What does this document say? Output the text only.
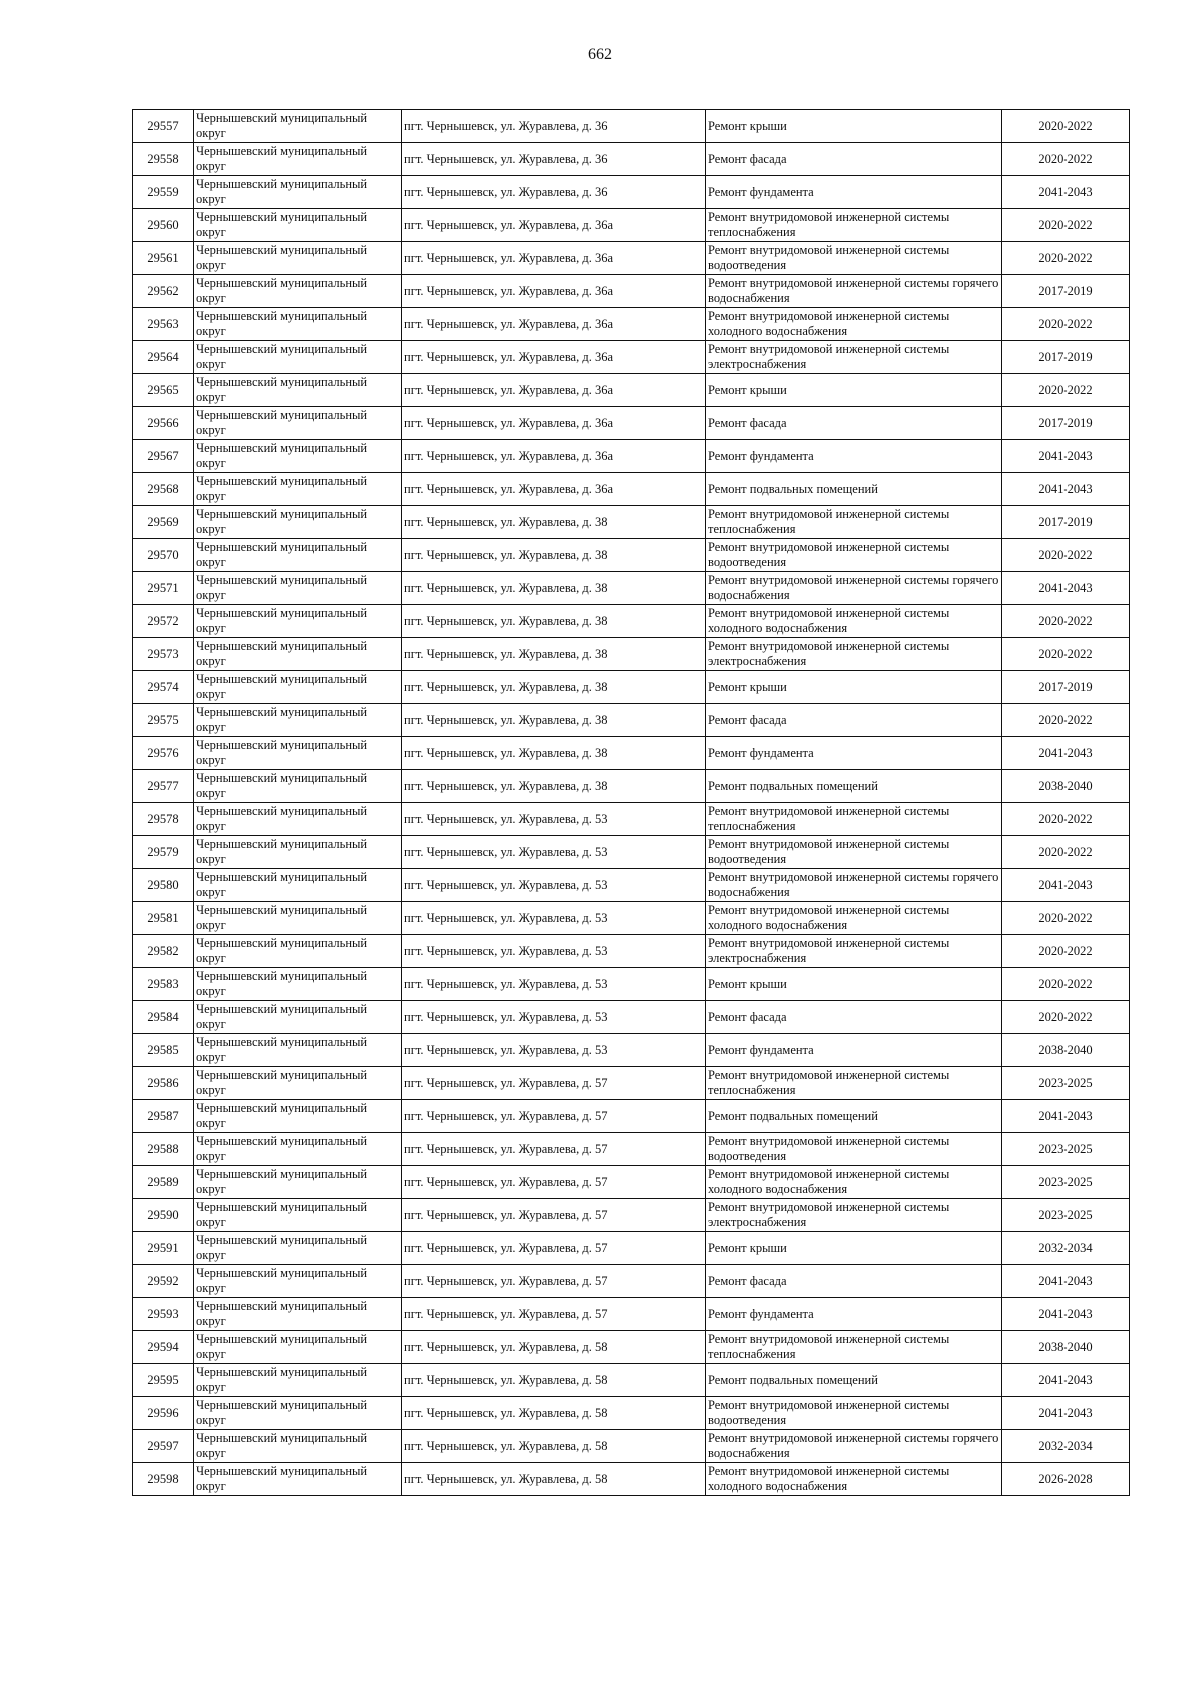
662
29557	Чернышевский муниципальный округ	пгт. Чернышевск, ул. Журавлева, д. 36	Ремонт крыши	2020-2022
29558	Чернышевский муниципальный округ	пгт. Чернышевск, ул. Журавлева, д. 36	Ремонт фасада	2020-2022
29559	Чернышевский муниципальный округ	пгт. Чернышевск, ул. Журавлева, д. 36	Ремонт фундамента	2041-2043
29560	Чернышевский муниципальный округ	пгт. Чернышевск, ул. Журавлева, д. 36а	Ремонт внутридомовой инженерной системы теплоснабжения	2020-2022
29561	Чернышевский муниципальный округ	пгт. Чернышевск, ул. Журавлева, д. 36а	Ремонт внутридомовой инженерной системы водоотведения	2020-2022
29562	Чернышевский муниципальный округ	пгт. Чернышевск, ул. Журавлева, д. 36а	Ремонт внутридомовой инженерной системы горячего водоснабжения	2017-2019
29563	Чернышевский муниципальный округ	пгт. Чернышевск, ул. Журавлева, д. 36а	Ремонт внутридомовой инженерной системы холодного водоснабжения	2020-2022
29564	Чернышевский муниципальный округ	пгт. Чернышевск, ул. Журавлева, д. 36а	Ремонт внутридомовой инженерной системы электроснабжения	2017-2019
29565	Чернышевский муниципальный округ	пгт. Чернышевск, ул. Журавлева, д. 36а	Ремонт крыши	2020-2022
29566	Чернышевский муниципальный округ	пгт. Чернышевск, ул. Журавлева, д. 36а	Ремонт фасада	2017-2019
29567	Чернышевский муниципальный округ	пгт. Чернышевск, ул. Журавлева, д. 36а	Ремонт фундамента	2041-2043
29568	Чернышевский муниципальный округ	пгт. Чернышевск, ул. Журавлева, д. 36а	Ремонт подвальных помещений	2041-2043
29569	Чернышевский муниципальный округ	пгт. Чернышевск, ул. Журавлева, д. 38	Ремонт внутридомовой инженерной системы теплоснабжения	2017-2019
29570	Чернышевский муниципальный округ	пгт. Чернышевск, ул. Журавлева, д. 38	Ремонт внутридомовой инженерной системы водоотведения	2020-2022
29571	Чернышевский муниципальный округ	пгт. Чернышевск, ул. Журавлева, д. 38	Ремонт внутридомовой инженерной системы горячего водоснабжения	2041-2043
29572	Чернышевский муниципальный округ	пгт. Чернышевск, ул. Журавлева, д. 38	Ремонт внутридомовой инженерной системы холодного водоснабжения	2020-2022
29573	Чернышевский муниципальный округ	пгт. Чернышевск, ул. Журавлева, д. 38	Ремонт внутридомовой инженерной системы электроснабжения	2020-2022
29574	Чернышевский муниципальный округ	пгт. Чернышевск, ул. Журавлева, д. 38	Ремонт крыши	2017-2019
29575	Чернышевский муниципальный округ	пгт. Чернышевск, ул. Журавлева, д. 38	Ремонт фасада	2020-2022
29576	Чернышевский муниципальный округ	пгт. Чернышевск, ул. Журавлева, д. 38	Ремонт фундамента	2041-2043
29577	Чернышевский муниципальный округ	пгт. Чернышевск, ул. Журавлева, д. 38	Ремонт подвальных помещений	2038-2040
29578	Чернышевский муниципальный округ	пгт. Чернышевск, ул. Журавлева, д. 53	Ремонт внутридомовой инженерной системы теплоснабжения	2020-2022
29579	Чернышевский муниципальный округ	пгт. Чернышевск, ул. Журавлева, д. 53	Ремонт внутридомовой инженерной системы водоотведения	2020-2022
29580	Чернышевский муниципальный округ	пгт. Чернышевск, ул. Журавлева, д. 53	Ремонт внутридомовой инженерной системы горячего водоснабжения	2041-2043
29581	Чернышевский муниципальный округ	пгт. Чернышевск, ул. Журавлева, д. 53	Ремонт внутридомовой инженерной системы холодного водоснабжения	2020-2022
29582	Чернышевский муниципальный округ	пгт. Чернышевск, ул. Журавлева, д. 53	Ремонт внутридомовой инженерной системы электроснабжения	2020-2022
29583	Чернышевский муниципальный округ	пгт. Чернышевск, ул. Журавлева, д. 53	Ремонт крыши	2020-2022
29584	Чернышевский муниципальный округ	пгт. Чернышевск, ул. Журавлева, д. 53	Ремонт фасада	2020-2022
29585	Чернышевский муниципальный округ	пгт. Чернышевск, ул. Журавлева, д. 53	Ремонт фундамента	2038-2040
29586	Чернышевский муниципальный округ	пгт. Чернышевск, ул. Журавлева, д. 57	Ремонт внутридомовой инженерной системы теплоснабжения	2023-2025
29587	Чернышевский муниципальный округ	пгт. Чернышевск, ул. Журавлева, д. 57	Ремонт подвальных помещений	2041-2043
29588	Чернышевский муниципальный округ	пгт. Чернышевск, ул. Журавлева, д. 57	Ремонт внутридомовой инженерной системы водоотведения	2023-2025
29589	Чернышевский муниципальный округ	пгт. Чернышевск, ул. Журавлева, д. 57	Ремонт внутридомовой инженерной системы холодного водоснабжения	2023-2025
29590	Чернышевский муниципальный округ	пгт. Чернышевск, ул. Журавлева, д. 57	Ремонт внутридомовой инженерной системы электроснабжения	2023-2025
29591	Чернышевский муниципальный округ	пгт. Чернышевск, ул. Журавлева, д. 57	Ремонт крыши	2032-2034
29592	Чернышевский муниципальный округ	пгт. Чернышевск, ул. Журавлева, д. 57	Ремонт фасада	2041-2043
29593	Чернышевский муниципальный округ	пгт. Чернышевск, ул. Журавлева, д. 57	Ремонт фундамента	2041-2043
29594	Чернышевский муниципальный округ	пгт. Чернышевск, ул. Журавлева, д. 58	Ремонт внутридомовой инженерной системы теплоснабжения	2038-2040
29595	Чернышевский муниципальный округ	пгт. Чернышевск, ул. Журавлева, д. 58	Ремонт подвальных помещений	2041-2043
29596	Чернышевский муниципальный округ	пгт. Чернышевск, ул. Журавлева, д. 58	Ремонт внутридомовой инженерной системы водоотведения	2041-2043
29597	Чернышевский муниципальный округ	пгт. Чернышевск, ул. Журавлева, д. 58	Ремонт внутридомовой инженерной системы горячего водоснабжения	2032-2034
29598	Чернышевский муниципальный округ	пгт. Чернышевск, ул. Журавлева, д. 58	Ремонт внутридомовой инженерной системы холодного водоснабжения	2026-2028
